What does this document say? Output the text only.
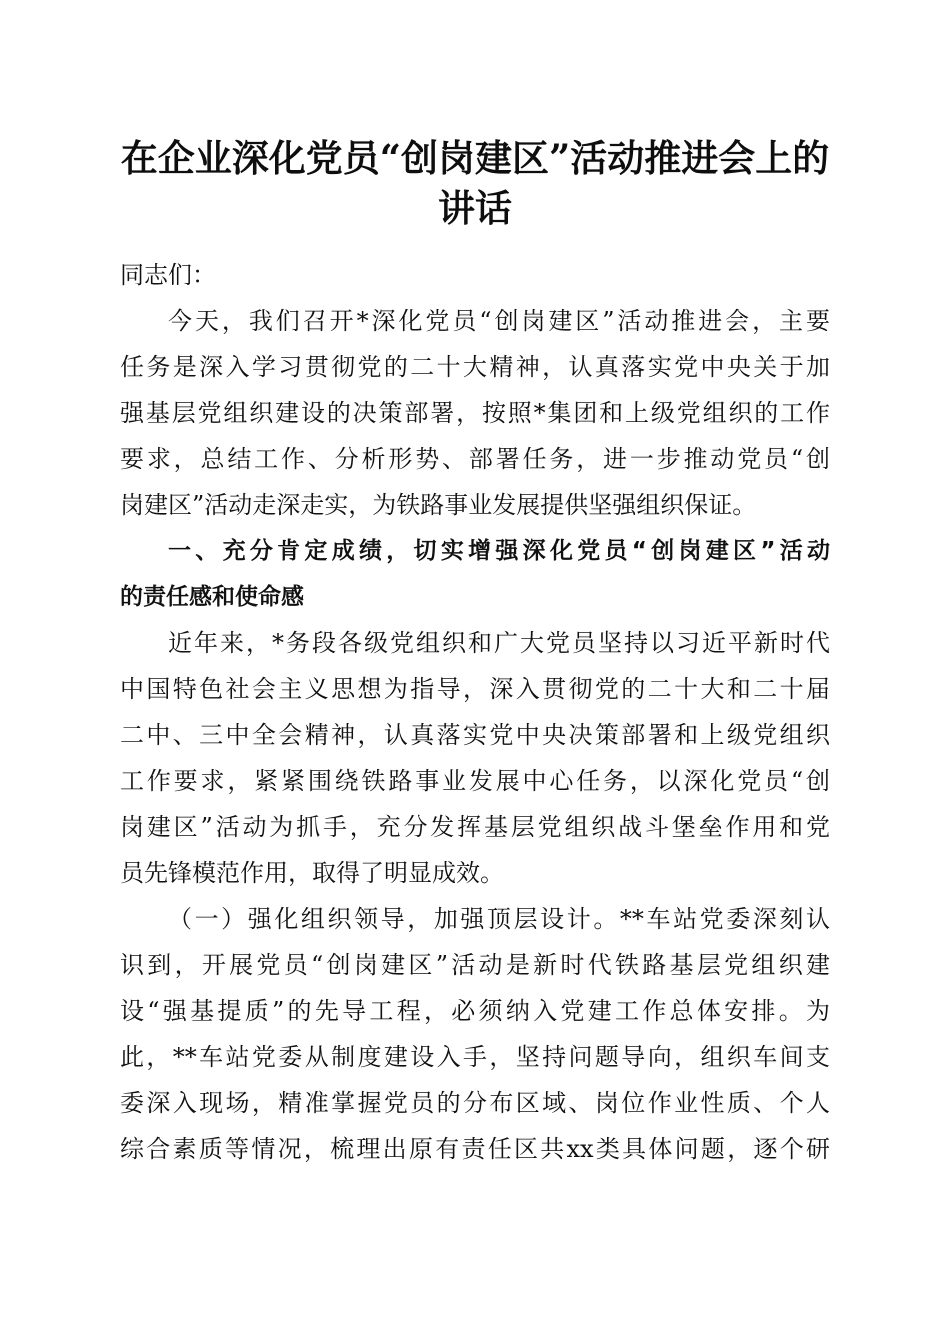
在企业深化党员“创岗建区”活动推进会上的
讲话

同志们：

今天，我们召开*深化党员“创岗建区”活动推进会，主要
任务是深入学习贯彻党的二十大精神，认真落实党中央关于加
强基层党组织建设的决策部署，按照*集团和上级党组织的工作
要求，总结工作、分析形势、部署任务，进一步推动党员“创
岗建区”活动走深走实，为铁路事业发展提供坚强组织保证。

一、充分肯定成绩，切实增强深化党员“创岗建区”活动
的责任感和使命感

近年来，*务段各级党组织和广大党员坚持以习近平新时代
中国特色社会主义思想为指导，深入贯彻党的二十大和二十届
二中、三中全会精神，认真落实党中央决策部署和上级党组织
工作要求，紧紧围绕铁路事业发展中心任务，以深化党员“创
岗建区”活动为抓手，充分发挥基层党组织战斗堡垒作用和党
员先锋模范作用，取得了明显成效。

（一）强化组织领导，加强顶层设计。**车站党委深刻认
识到，开展党员“创岗建区”活动是新时代铁路基层党组织建
设“强基提质”的先导工程，必须纳入党建工作总体安排。为
此，**车站党委从制度建设入手，坚持问题导向，组织车间支
委深入现场，精准掌握党员的分布区域、岗位作业性质、个人
综合素质等情况，梳理出原有责任区共xx类具体问题，逐个研
